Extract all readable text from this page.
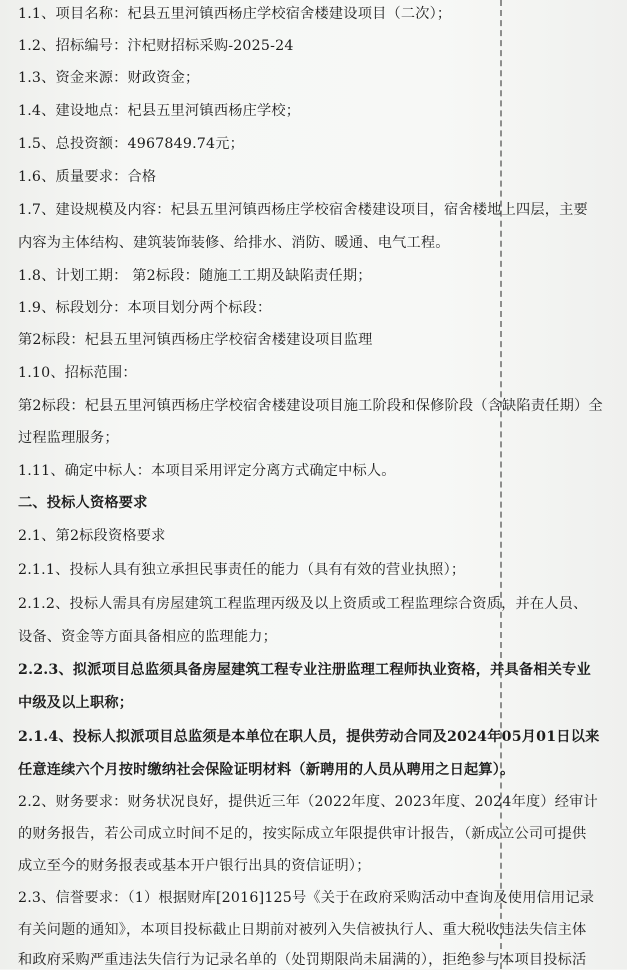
1.1、项目名称：杞县五里河镇西杨庄学校宿舍楼建设项目（二次）；
1.2、招标编号：汴杞财招标采购-2025-24
1.3、资金来源：财政资金；
1.4、建设地点：杞县五里河镇西杨庄学校；
1.5、总投资额：4967849.74元；
1.6、质量要求：合格
1.7、建设规模及内容：杞县五里河镇西杨庄学校宿舍楼建设项目，宿舍楼地上四层，主要
内容为主体结构、建筑装饰装修、给排水、消防、暖通、电气工程。
1.8、计划工期： 第2标段：随施工工期及缺陷责任期；
1.9、标段划分：本项目划分两个标段：
第2标段：杞县五里河镇西杨庄学校宿舍楼建设项目监理
1.10、招标范围：
第2标段：杞县五里河镇西杨庄学校宿舍楼建设项目施工阶段和保修阶段（含缺陷责任期）全
过程监理服务；
1.11、确定中标人：本项目采用评定分离方式确定中标人。
二、投标人资格要求
2.1、第2标段资格要求
2.1.1、投标人具有独立承担民事责任的能力（具有有效的营业执照）；
2.1.2、投标人需具有房屋建筑工程监理丙级及以上资质或工程监理综合资质，并在人员、
设备、资金等方面具备相应的监理能力；
2.2.3、拟派项目总监须具备房屋建筑工程专业注册监理工程师执业资格，并具备相关专业
中级及以上职称；
2.1.4、投标人拟派项目总监须是本单位在职人员，提供劳动合同及2024年05月01日以来
任意连续六个月按时缴纳社会保险证明材料（新聘用的人员从聘用之日起算）。
2.2、财务要求：财务状况良好，提供近三年（2022年度、2023年度、2024年度）经审计
的财务报告，若公司成立时间不足的，按实际成立年限提供审计报告，（新成立公司可提供
成立至今的财务报表或基本开户银行出具的资信证明）；
2.3、信誉要求：（1）根据财库[2016]125号《关于在政府采购活动中查询及使用信用记录
有关问题的通知》，本项目投标截止日期前对被列入失信被执行人、重大税收违法失信主体
和政府采购严重违法失信行为记录名单的（处罚期限尚未届满的），拒绝参与本项目投标活
